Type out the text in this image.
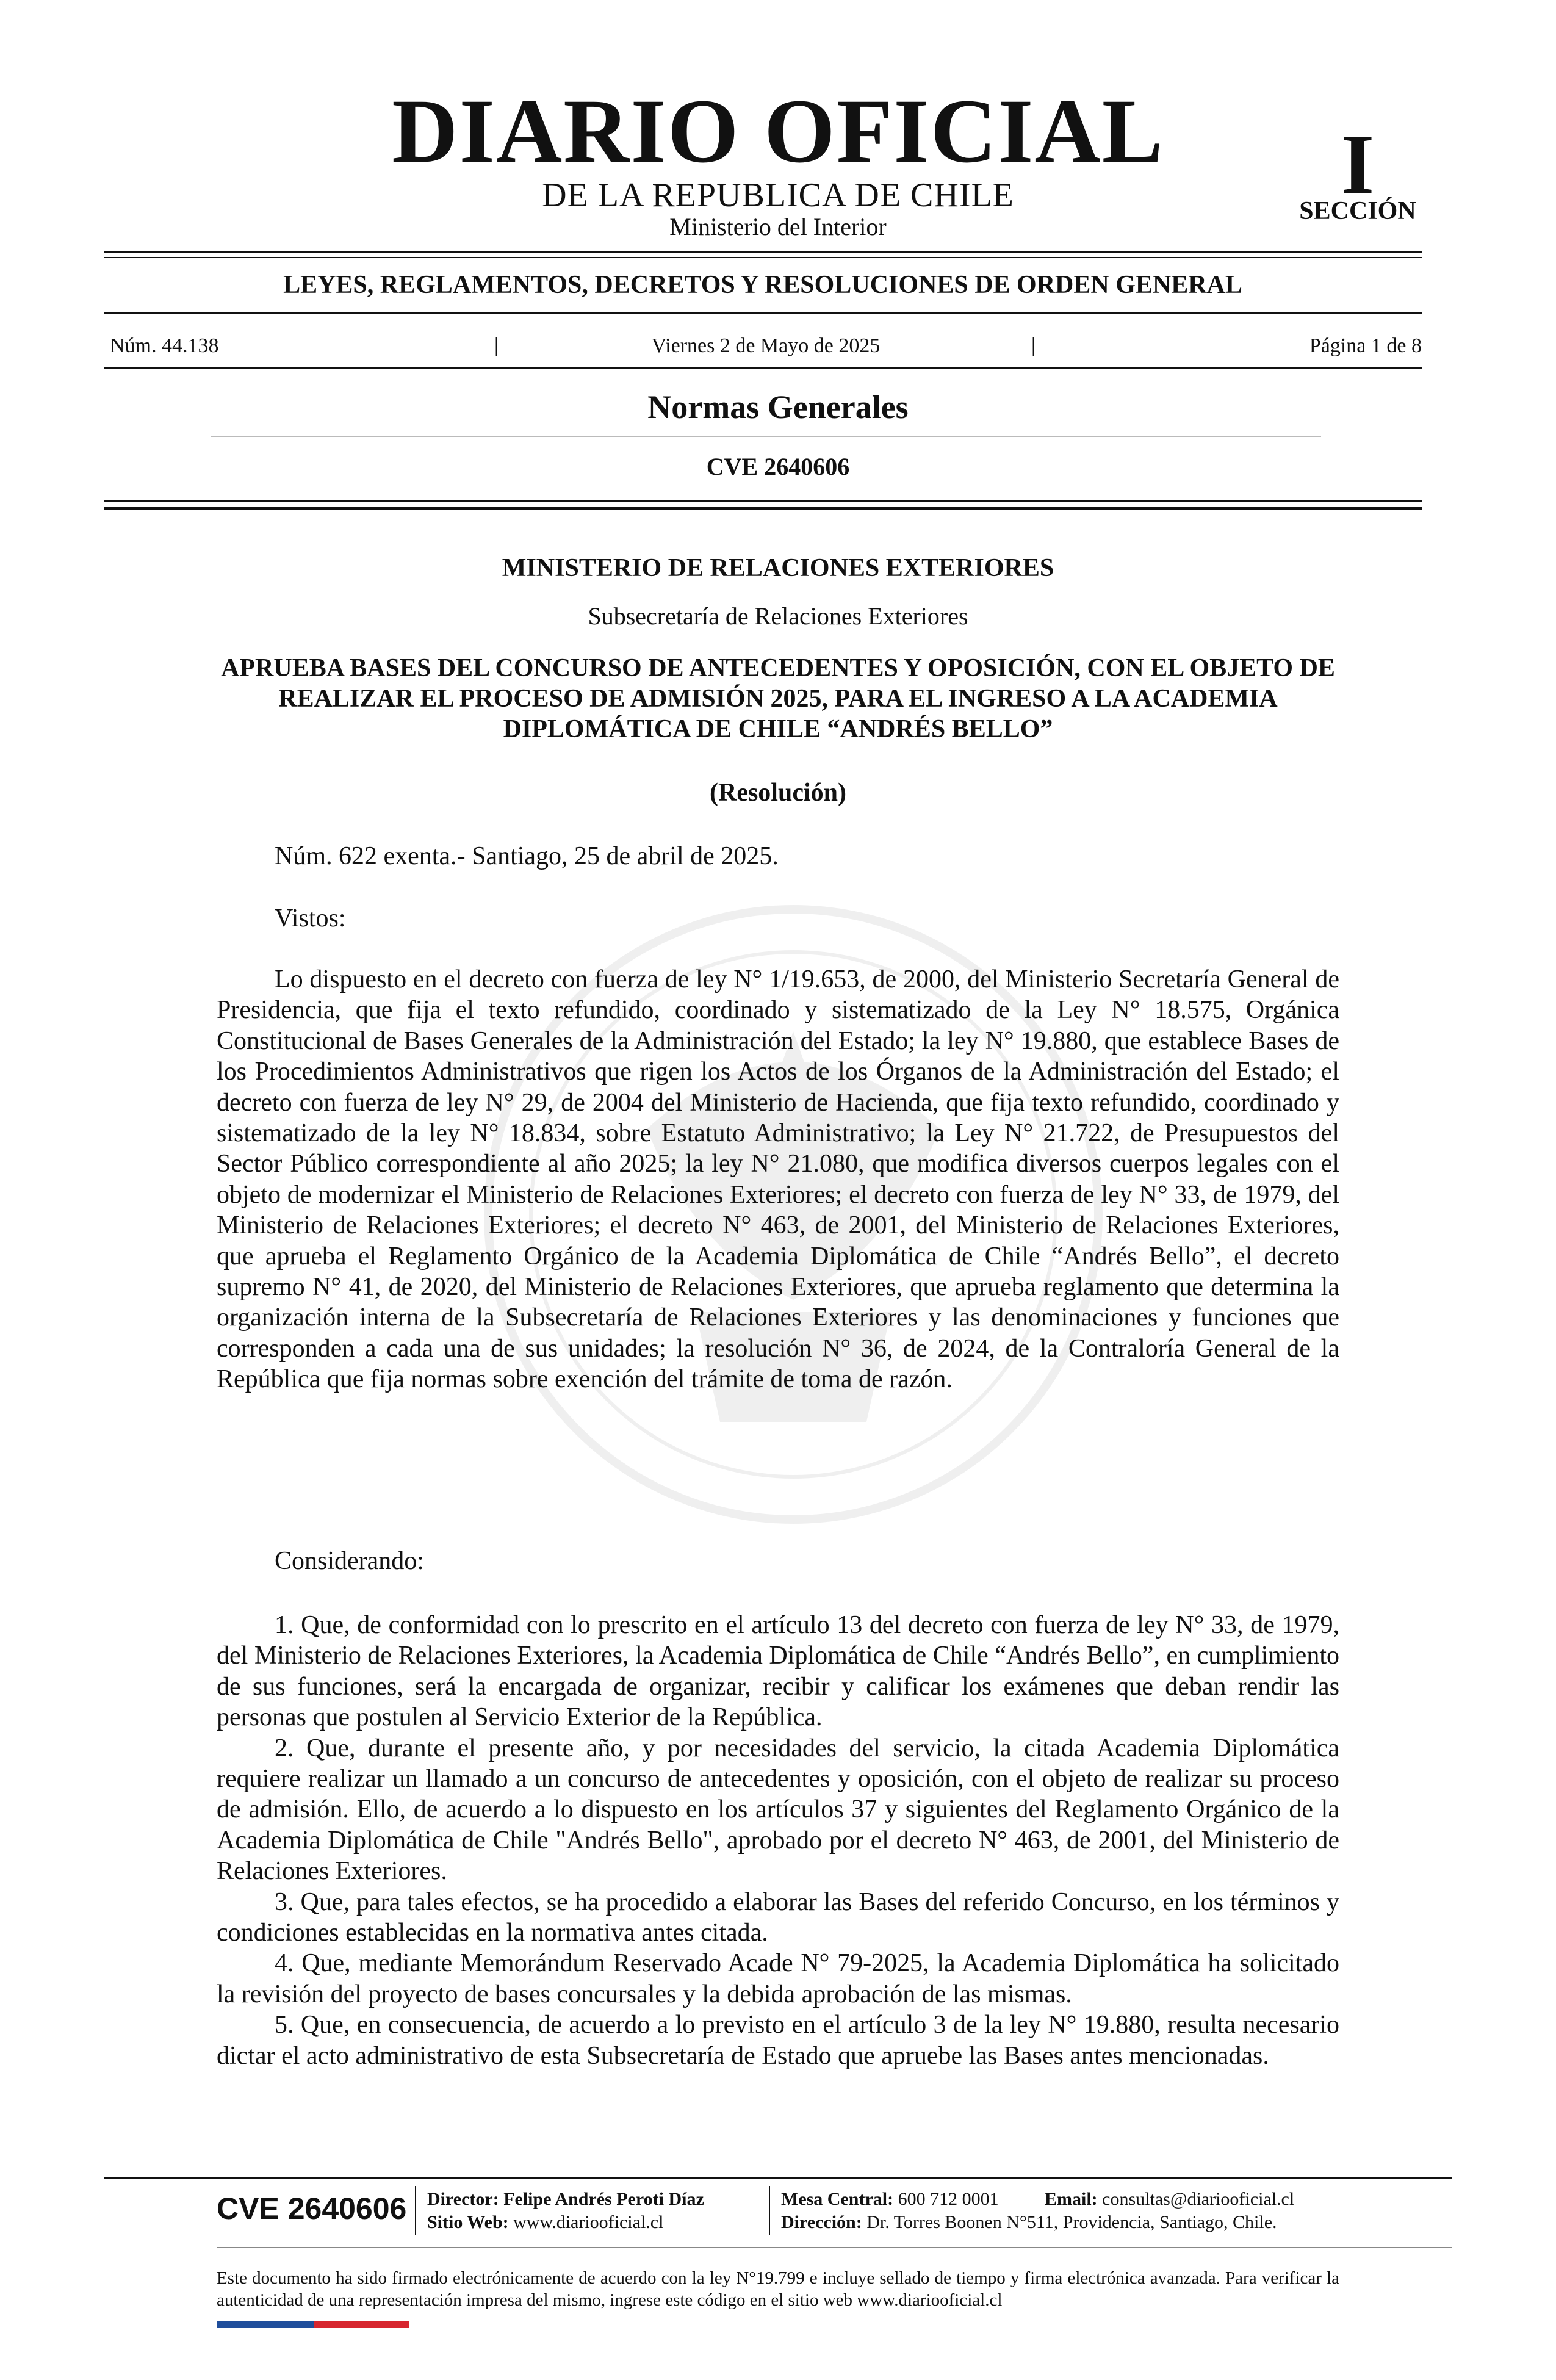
DIARIO OFICIAL
DE LA REPUBLICA DE CHILE
Ministerio del Interior
I
SECCIÓN
LEYES, REGLAMENTOS, DECRETOS Y RESOLUCIONES DE ORDEN GENERAL
Núm. 44.138	|	Viernes 2 de Mayo de 2025	|	Página 1 de 8
Normas Generales
CVE 2640606
MINISTERIO DE RELACIONES EXTERIORES
Subsecretaría de Relaciones Exteriores
APRUEBA BASES DEL CONCURSO DE ANTECEDENTES Y OPOSICIÓN, CON EL OBJETO DE REALIZAR EL PROCESO DE ADMISIÓN 2025, PARA EL INGRESO A LA ACADEMIA DIPLOMÁTICA DE CHILE “ANDRÉS BELLO”
(Resolución)

Núm. 622 exenta.- Santiago, 25 de abril de 2025.

Vistos:

Lo dispuesto en el decreto con fuerza de ley N° 1/19.653, de 2000, del Ministerio Secretaría General de Presidencia, que fija el texto refundido, coordinado y sistematizado de la Ley N° 18.575, Orgánica Constitucional de Bases Generales de la Administración del Estado; la ley N° 19.880, que establece Bases de los Procedimientos Administrativos que rigen los Actos de los Órganos de la Administración del Estado; el decreto con fuerza de ley N° 29, de 2004 del Ministerio de Hacienda, que fija texto refundido, coordinado y sistematizado de la ley N° 18.834, sobre Estatuto Administrativo; la Ley N° 21.722, de Presupuestos del Sector Público correspondiente al año 2025; la ley N° 21.080, que modifica diversos cuerpos legales con el objeto de modernizar el Ministerio de Relaciones Exteriores; el decreto con fuerza de ley N° 33, de 1979, del Ministerio de Relaciones Exteriores; el decreto N° 463, de 2001, del Ministerio de Relaciones Exteriores, que aprueba el Reglamento Orgánico de la Academia Diplomática de Chile “Andrés Bello”, el decreto supremo N° 41, de 2020, del Ministerio de Relaciones Exteriores, que aprueba reglamento que determina la organización interna de la Subsecretaría de Relaciones Exteriores y las denominaciones y funciones que corresponden a cada una de sus unidades; la resolución N° 36, de 2024, de la Contraloría General de la República que fija normas sobre exención del trámite de toma de razón.

Considerando:

1. Que, de conformidad con lo prescrito en el artículo 13 del decreto con fuerza de ley N° 33, de 1979, del Ministerio de Relaciones Exteriores, la Academia Diplomática de Chile “Andrés Bello”, en cumplimiento de sus funciones, será la encargada de organizar, recibir y calificar los exámenes que deban rendir las personas que postulen al Servicio Exterior de la República.

2. Que, durante el presente año, y por necesidades del servicio, la citada Academia Diplomática requiere realizar un llamado a un concurso de antecedentes y oposición, con el objeto de realizar su proceso de admisión. Ello, de acuerdo a lo dispuesto en los artículos 37 y siguientes del Reglamento Orgánico de la Academia Diplomática de Chile "Andrés Bello", aprobado por el decreto N° 463, de 2001, del Ministerio de Relaciones Exteriores.

3. Que, para tales efectos, se ha procedido a elaborar las Bases del referido Concurso, en los términos y condiciones establecidas en la normativa antes citada.

4. Que, mediante Memorándum Reservado Acade N° 79-2025, la Academia Diplomática ha solicitado la revisión del proyecto de bases concursales y la debida aprobación de las mismas.

5. Que, en consecuencia, de acuerdo a lo previsto en el artículo 3 de la ley N° 19.880, resulta necesario dictar el acto administrativo de esta Subsecretaría de Estado que apruebe las Bases antes mencionadas.

CVE 2640606 Director: Felipe Andrés Peroti Díaz
Sitio Web: www.diariooficial.cl
Mesa Central: 600 712 0001
Dirección: Dr. Torres Boonen N°511, Providencia, Santiago, Chile.
Email: consultas@diariooficial.cl
Este documento ha sido firmado electrónicamente de acuerdo con la ley N°19.799 e incluye sellado de tiempo y firma electrónica avanzada. Para verificar la autenticidad de una representación impresa del mismo, ingrese este código en el sitio web www.diariooficial.cl
